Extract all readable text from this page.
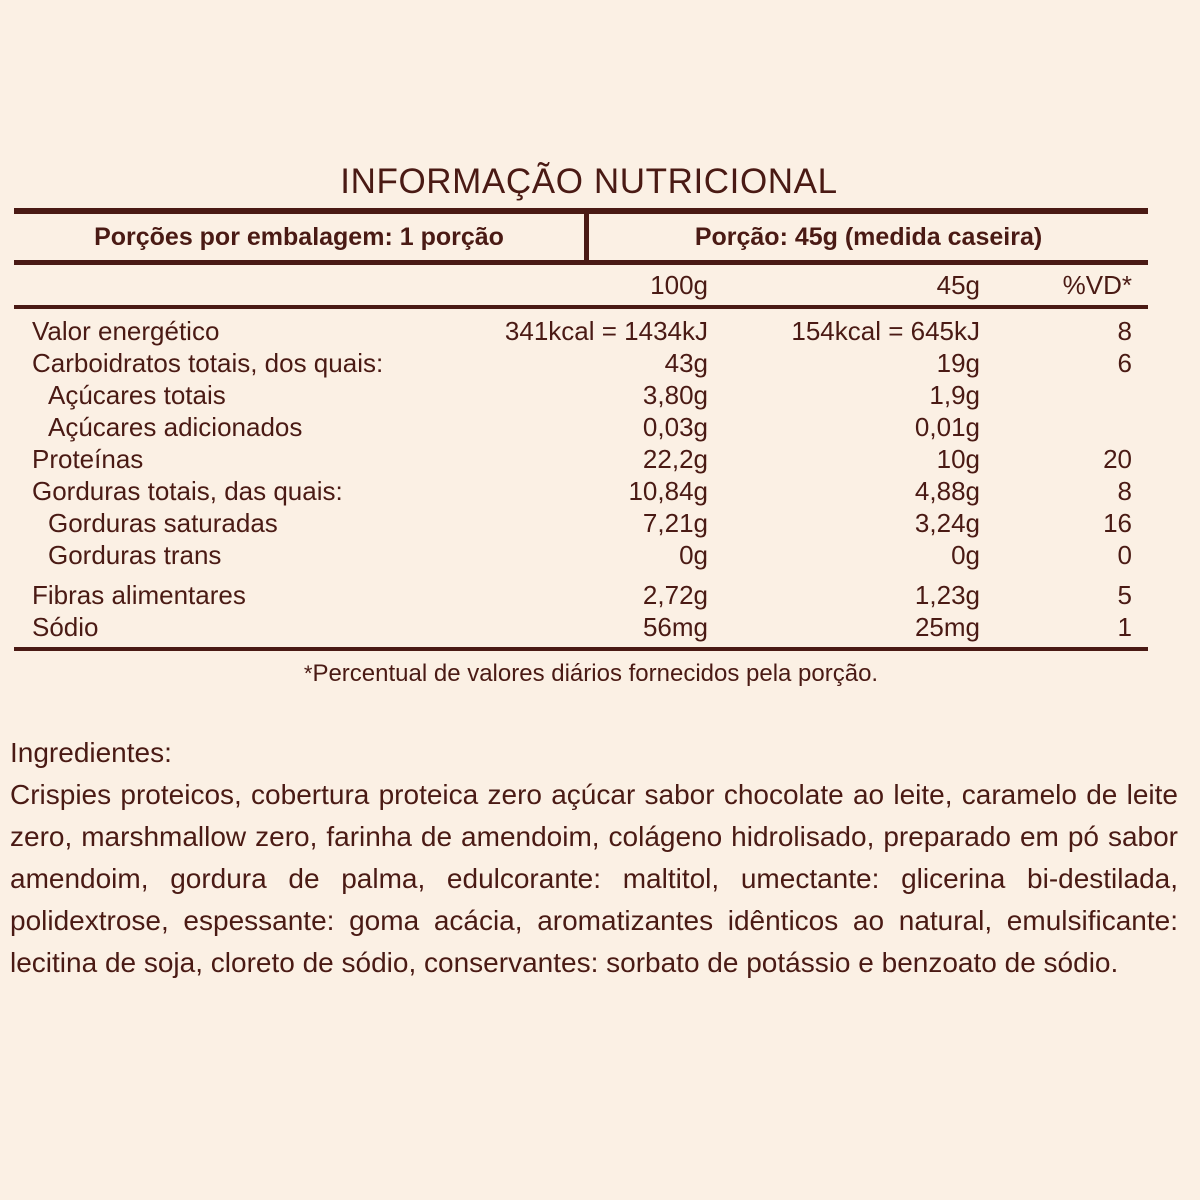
INFORMAÇÃO NUTRICIONAL
Porções por embalagem: 1 porção	Porção: 45g (medida caseira)
100g	45g	%VD*
Valor energético	341kcal = 1434kJ	154kcal = 645kJ	8
Carboidratos totais, dos quais:	43g	19g	6
Açúcares totais	3,80g	1,9g
Açúcares adicionados	0,03g	0,01g
Proteínas	22,2g	10g	20
Gorduras totais, das quais:	10,84g	4,88g	8
Gorduras saturadas	7,21g	3,24g	16
Gorduras trans	0g	0g	0
Fibras alimentares	2,72g	1,23g	5
Sódio	56mg	25mg	1
*Percentual de valores diários fornecidos pela porção.

Ingredientes:

Crispies proteicos, cobertura proteica zero açúcar sabor chocolate ao leite, caramelo de leite zero, marshmallow zero, farinha de amendoim, colágeno hidrolisado, preparado em pó sabor amendoim, gordura de palma, edulcorante: maltitol, umectante: glicerina bi-destilada, polidextrose, espessante: goma acácia, aromatizantes idênticos ao natural, emulsificante: lecitina de soja, cloreto de sódio, conservantes: sorbato de potássio e benzoato de sódio.
